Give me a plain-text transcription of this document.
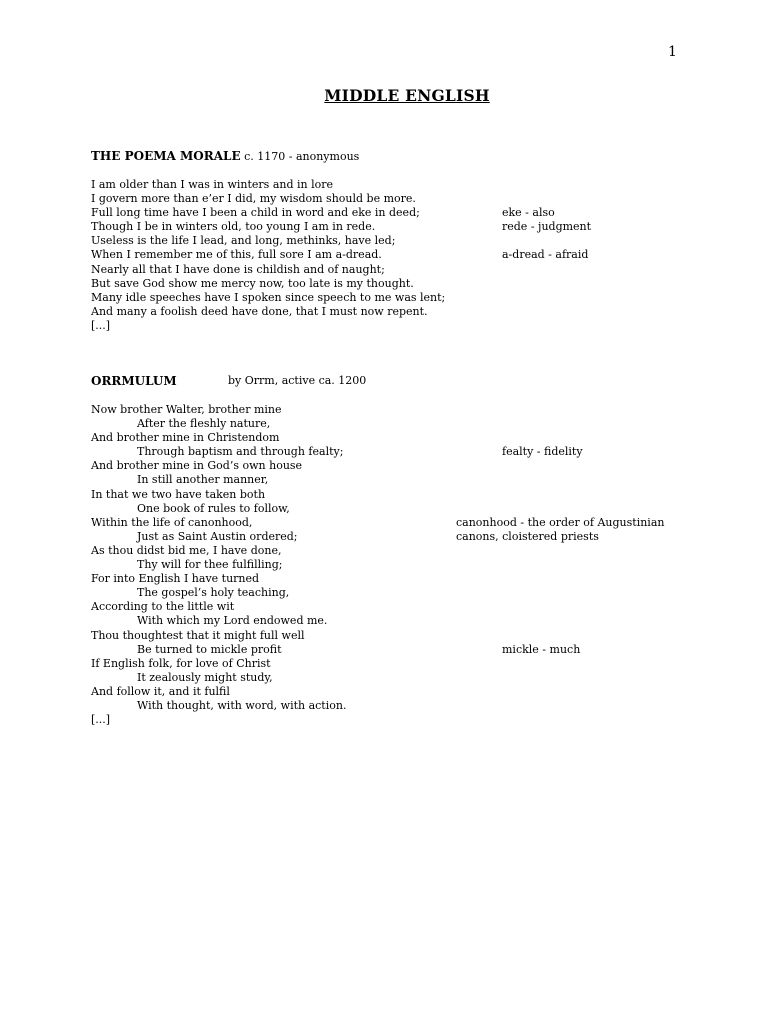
1
MIDDLE ENGLISH
THE POEMA MORALE c. 1170 - anonymous
I am older than I was in winters and in lore
I govern more than e’er I did, my wisdom should be more.
Full long time have I been a child in word and eke in deed;	eke - also
Though I be in winters old, too young I am in rede.	rede - judgment
Useless is the life I lead, and long, methinks, have led;
When I remember me of this, full sore I am a-dread.	a-dread - afraid
Nearly all that I have done is childish and of naught;
But save God show me mercy now, too late is my thought.
Many idle speeches have I spoken since speech to me was lent;
And many a foolish deed have done, that I must now repent.
[...]
ORRMULUM	by Orrm, active ca. 1200
Now brother Walter, brother mine
After the fleshly nature,
And brother mine in Christendom
Through baptism and through fealty;	fealty - fidelity
And brother mine in God’s own house
In still another manner,
In that we two have taken both
One book of rules to follow,
Within the life of canonhood,	canonhood - the order of Augustinian
Just as Saint Austin ordered;	canons, cloistered priests
As thou didst bid me, I have done,
Thy will for thee fulfilling;
For into English I have turned
The gospel’s holy teaching,
According to the little wit
With which my Lord endowed me.
Thou thoughtest that it might full well
Be turned to mickle profit	mickle - much
If English folk, for love of Christ
It zealously might study,
And follow it, and it fulfil
With thought, with word, with action.
[...]
